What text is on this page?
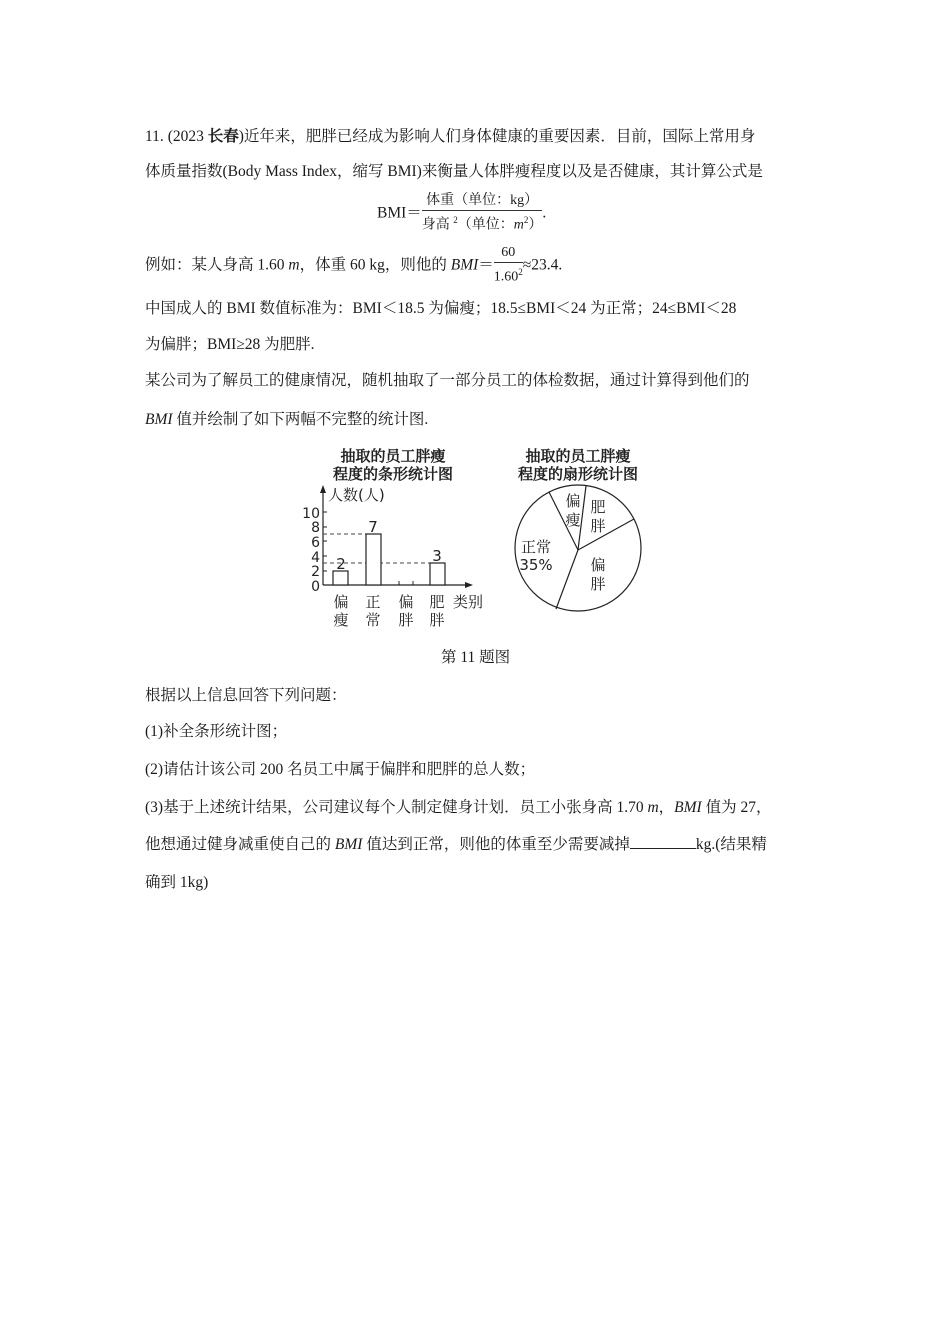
11. (2023 长春)近年来，肥胖已经成为影响人们身体健康的重要因素．目前，国际上常用身
体质量指数(Body Mass Index，缩写 BMI)来衡量人体胖瘦程度以及是否健康，其计算公式是
$BMI= \frac{\text{体重（单位：kg）}}{身高 ^2(单位:m^2)}$ .
例如：某人身高 1.60 m，体重 60 kg，则他的 $BMI= \frac{60}{1.60^2} \approx 23.4$.
中国成人的 BMI 数值标准为：BMI＜18.5 为偏瘦；18.5≤BMI＜24 为正常；24≤BMI＜28
为偏胖；BMI≥28 为肥胖.
某公司为了解员工的健康情况，随机抽取了一部分员工的体检数据，通过计算得到他们的
BMI 值并绘制了如下两幅不完整的统计图.
抽取的员工胖瘦
程度的条形统计图
人数(人)
类别
0
2
4
6
8
10
2
7
3
偏
瘦
正
常
偏
胖
肥
胖
抽取的员工胖瘦
程度的扇形统计图
偏
瘦
肥
胖
偏
胖
正常
35%
第 11 题图
根据以上信息回答下列问题：
(1)补全条形统计图；
(2)请估计该公司 200 名员工中属于偏胖和肥胖的总人数；
(3)基于上述统计结果，公司建议每个人制定健身计划．员工小张身高 1.70 m，BMI 值为 27，
他想通过健身减重使自己的 BMI 值达到正常，则他的体重至少需要减掉	kg.(结果精
确到 1kg)
